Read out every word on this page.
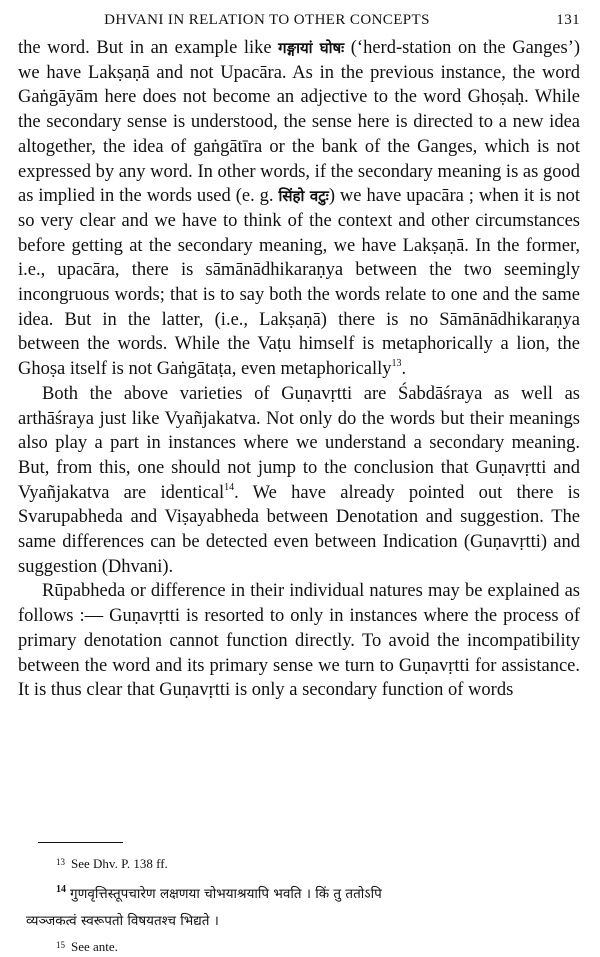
DHVANI IN RELATION TO OTHER CONCEPTS	131

the word. But in an example like गङ्गायां घोषः (‘herd-station on the Ganges’) we have Lakṣaṇā and not Upacāra. As in the previous instance, the word Gaṅgāyām here does not become an adjective to the word Ghoṣaḥ. While the secondary sense is understood, the sense here is directed to a new idea altogether, the idea of gaṅgātīra or the bank of the Ganges, which is not expressed by any word. In other words, if the secondary meaning is as good as implied in the words used (e. g. सिंहो वटुः) we have upacāra ; when it is not so very clear and we have to think of the context and other circumstances before getting at the secondary meaning, we have Lakṣaṇā. In the former, i.e., upacāra, there is sāmānādhikaraṇya between the two seemingly incongruous words; that is to say both the words relate to one and the same idea. But in the latter, (i.e., Lakṣaṇā) there is no Sāmānādhikaraṇya between the words. While the Vaṭu himself is metaphorically a lion, the Ghoṣa itself is not Gaṅgātaṭa, even metaphorically$^{13}$.

Both the above varieties of Guṇavṛtti are Śabdāśraya as well as arthāśraya just like Vyañjakatva. Not only do the words but their meanings also play a part in instances where we understand a secondary meaning. But, from this, one should not jump to the conclusion that Guṇavṛtti and Vyañjakatva are identical$^{14}$. We have already pointed out there is Svarupabheda and Viṣayabheda between Denotation and suggestion. The same differences can be detected even between Indication (Guṇavṛtti) and suggestion (Dhvani).

Rūpabheda or difference in their individual natures may be explained as follows :— Guṇavṛtti is resorted to only in instances where the process of primary denotation cannot function directly. To avoid the incompatibility between the word and its primary sense we turn to Guṇavṛtti for assistance. It is thus clear that Guṇavṛtti is only a secondary function of words

$^{13}$ See Dhv. P. 138 ff.

$^{14}$ गुणवृत्तिस्तूपचारेण लक्षणया चोभयाश्रयापि भवति । किं तु ततोऽपि
व्यञ्जकत्वं स्वरूपतो विषयतश्च भिद्यते ।

$^{15}$ See ante.
